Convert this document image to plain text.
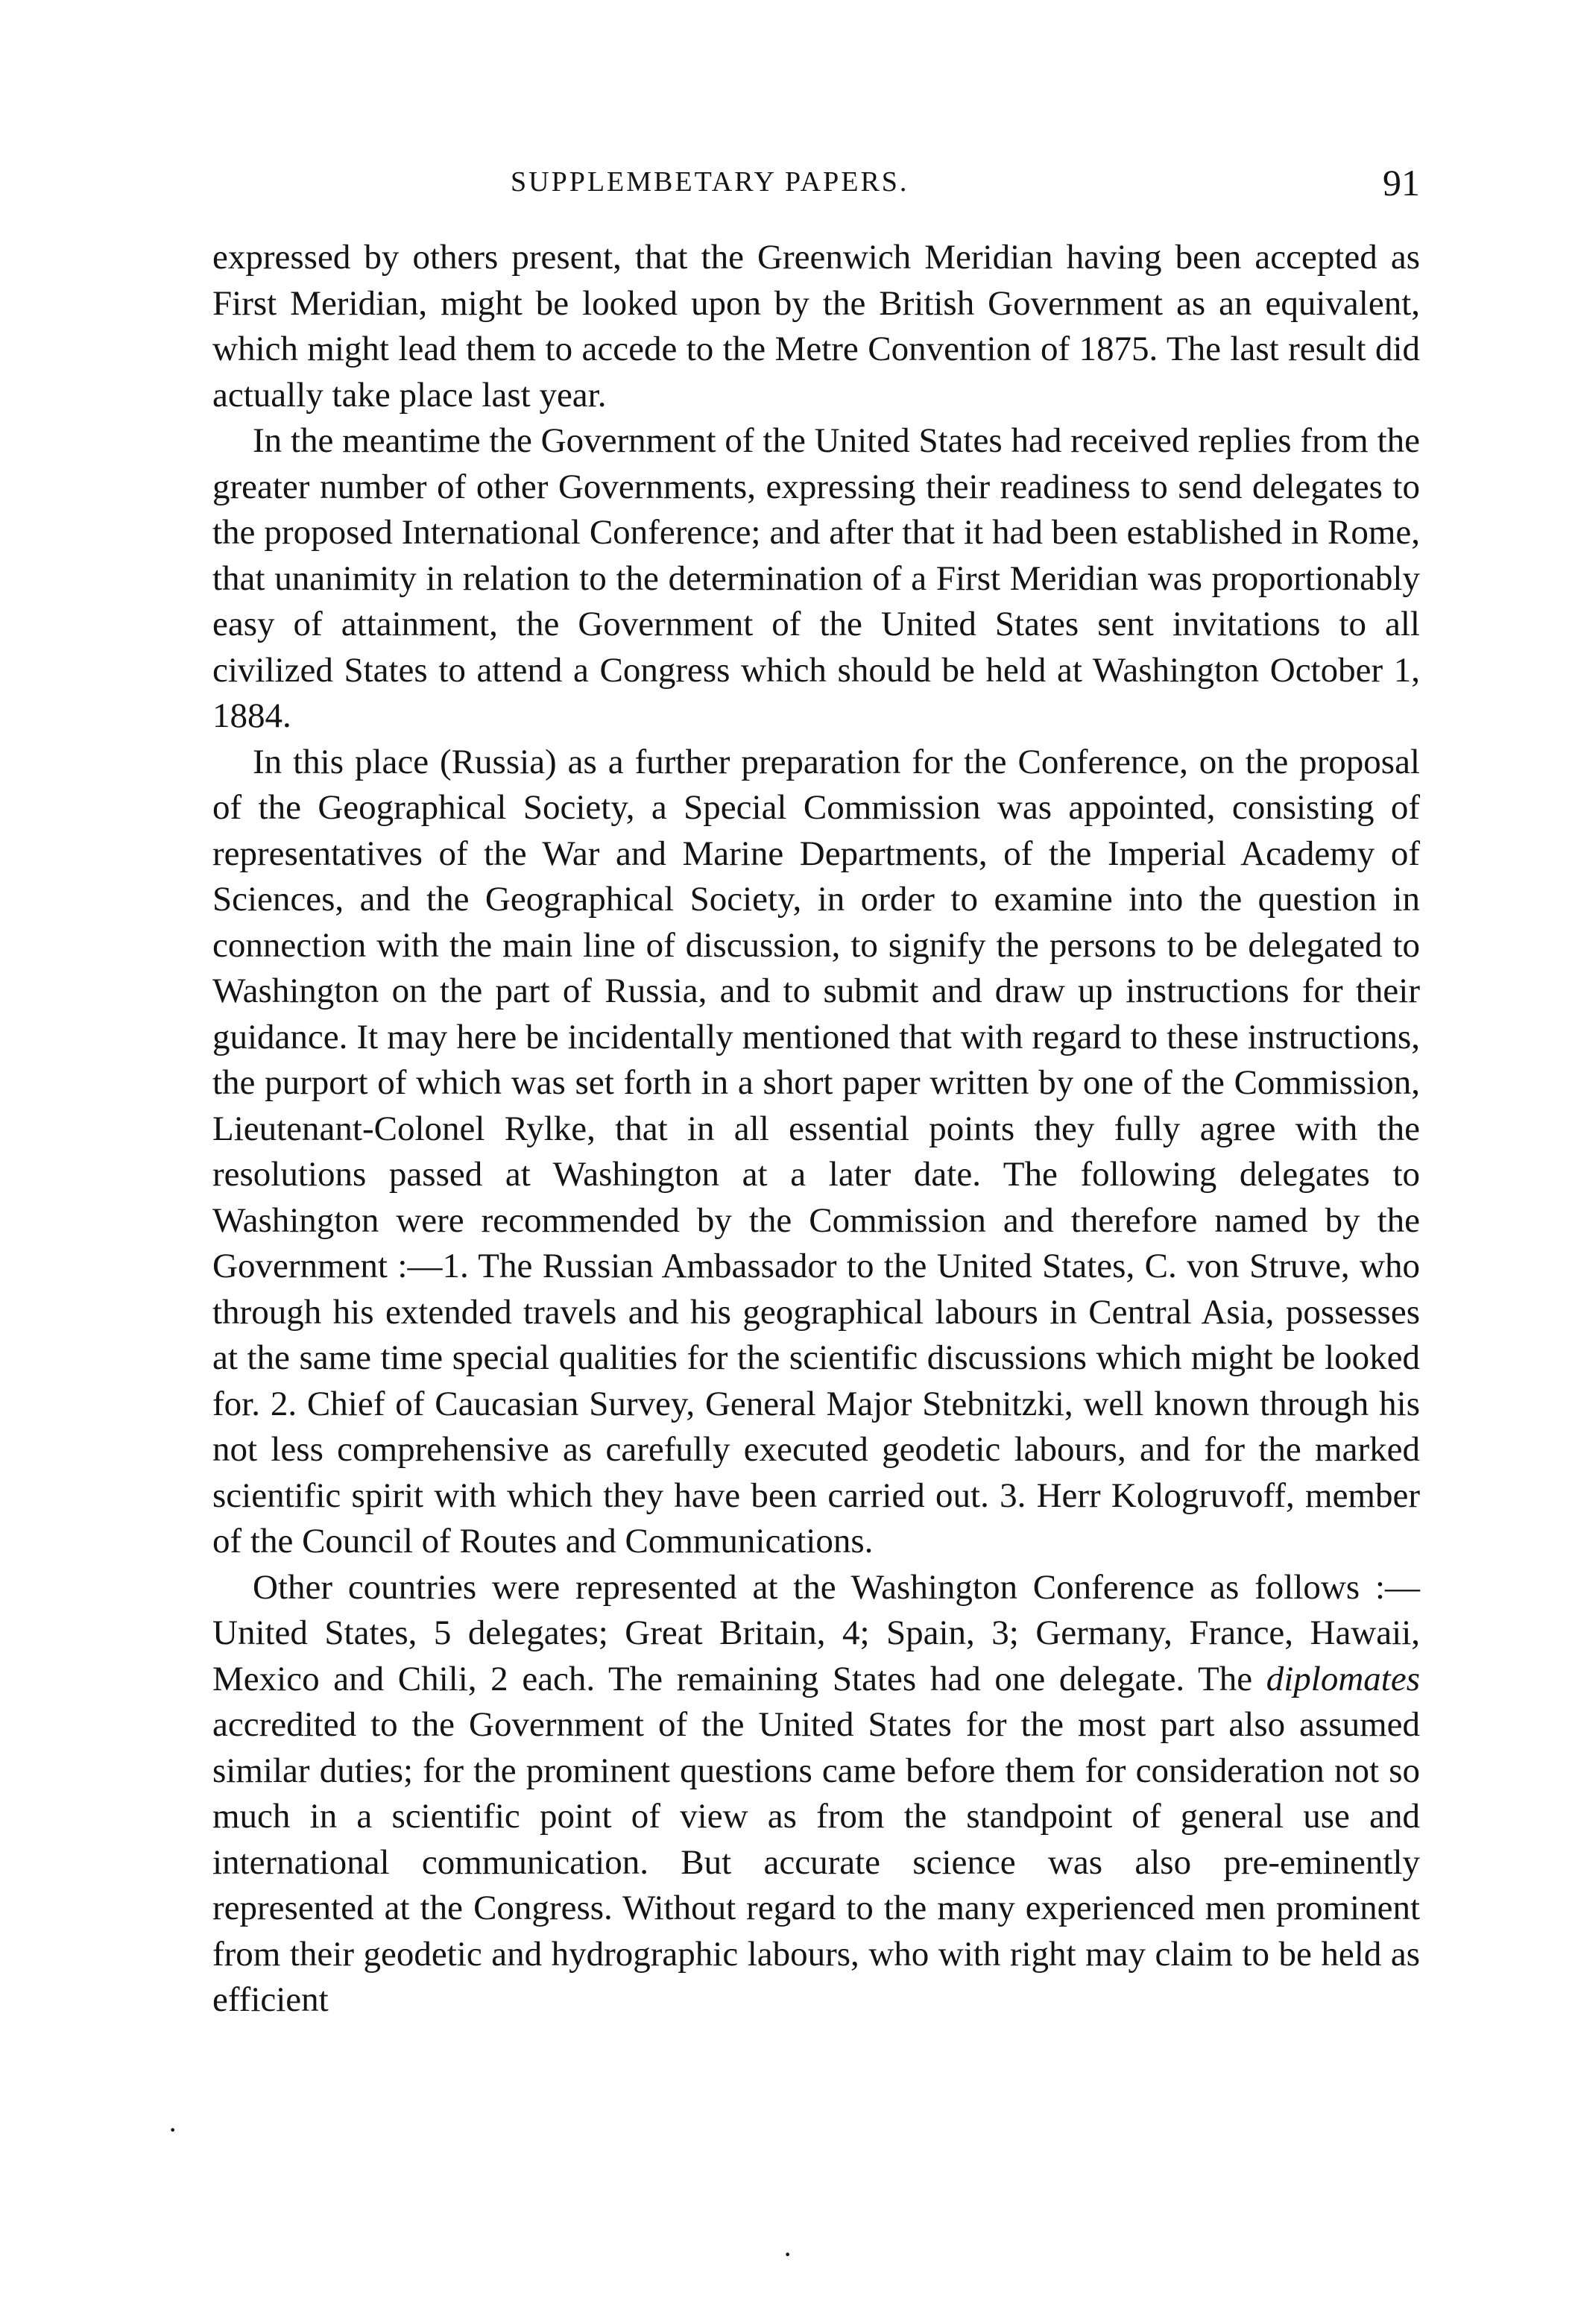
SUPPLEMBETARY PAPERS.	91

expressed by others present, that the Greenwich Meridian having been accepted as First Meridian, might be looked upon by the British Government as an equivalent, which might lead them to accede to the Metre Convention of 1875. The last result did actually take place last year.

In the meantime the Government of the United States had received replies from the greater number of other Governments, expressing their readiness to send delegates to the proposed International Conference; and after that it had been established in Rome, that unanimity in relation to the determination of a First Meridian was proportionably easy of attainment, the Government of the United States sent invitations to all civilized States to attend a Congress which should be held at Washington October 1, 1884.

In this place (Russia) as a further preparation for the Conference, on the proposal of the Geographical Society, a Special Commission was appointed, consisting of representatives of the War and Marine Departments, of the Imperial Academy of Sciences, and the Geographical Society, in order to examine into the question in connection with the main line of discussion, to signify the persons to be delegated to Washington on the part of Russia, and to submit and draw up instructions for their guidance. It may here be incidentally mentioned that with regard to these instructions, the purport of which was set forth in a short paper written by one of the Commission, Lieutenant-Colonel Rylke, that in all essential points they fully agree with the resolutions passed at Washington at a later date. The following delegates to Washington were recommended by the Commission and therefore named by the Government :—1. The Russian Ambassador to the United States, C. von Struve, who through his extended travels and his geographical labours in Central Asia, possesses at the same time special qualities for the scientific discussions which might be looked for. 2. Chief of Caucasian Survey, General Major Stebnitzki, well known through his not less comprehensive as carefully executed geodetic labours, and for the marked scientific spirit with which they have been carried out. 3. Herr Kologruvoff, member of the Council of Routes and Communications.

Other countries were represented at the Washington Conference as follows :—United States, 5 delegates; Great Britain, 4; Spain, 3; Germany, France, Hawaii, Mexico and Chili, 2 each. The remaining States had one delegate. The diplomates accredited to the Government of the United States for the most part also assumed similar duties; for the prominent questions came before them for consideration not so much in a scientific point of view as from the standpoint of general use and international communication. But accurate science was also pre-eminently represented at the Congress. Without regard to the many experienced men prominent from their geodetic and hydrographic labours, who with right may claim to be held as efficient

·
·
